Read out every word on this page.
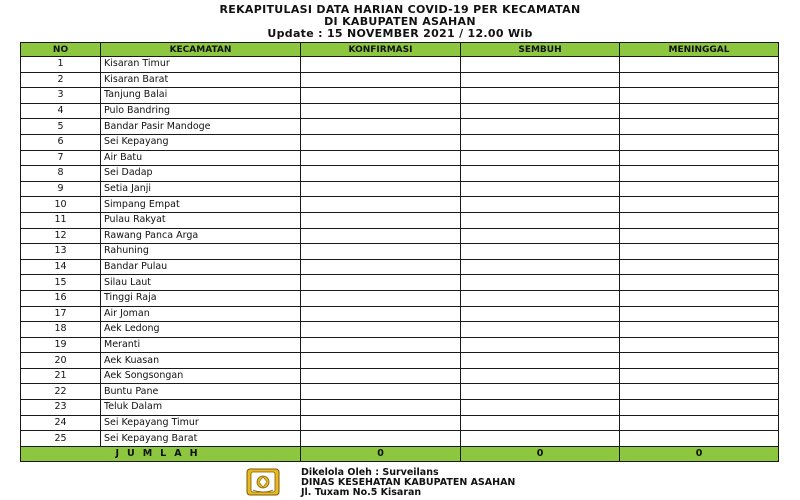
REKAPITULASI DATA HARIAN COVID-19 PER KECAMATAN
DI KABUPATEN ASAHAN
Update : 15 NOVEMBER 2021 / 12.00 Wib
NO	KECAMATAN	KONFIRMASI	SEMBUH	MENINGGAL
1	Kisaran Timur			
2	Kisaran Barat			
3	Tanjung Balai			
4	Pulo Bandring			
5	Bandar Pasir Mandoge			
6	Sei Kepayang			
7	Air Batu			
8	Sei Dadap			
9	Setia Janji			
10	Simpang Empat			
11	Pulau Rakyat			
12	Rawang Panca Arga			
13	Rahuning			
14	Bandar Pulau			
15	Silau Laut			
16	Tinggi Raja			
17	Air Joman			
18	Aek Ledong			
19	Meranti			
20	Aek Kuasan			
21	Aek Songsongan			
22	Buntu Pane			
23	Teluk Dalam			
24	Sei Kepayang Timur			
25	Sei Kepayang Barat			
JUMLAH		0	0	0
Dikelola Oleh : Surveilans
DINAS KESEHATAN KABUPATEN ASAHAN
Jl. Tuxam No.5 Kisaran
